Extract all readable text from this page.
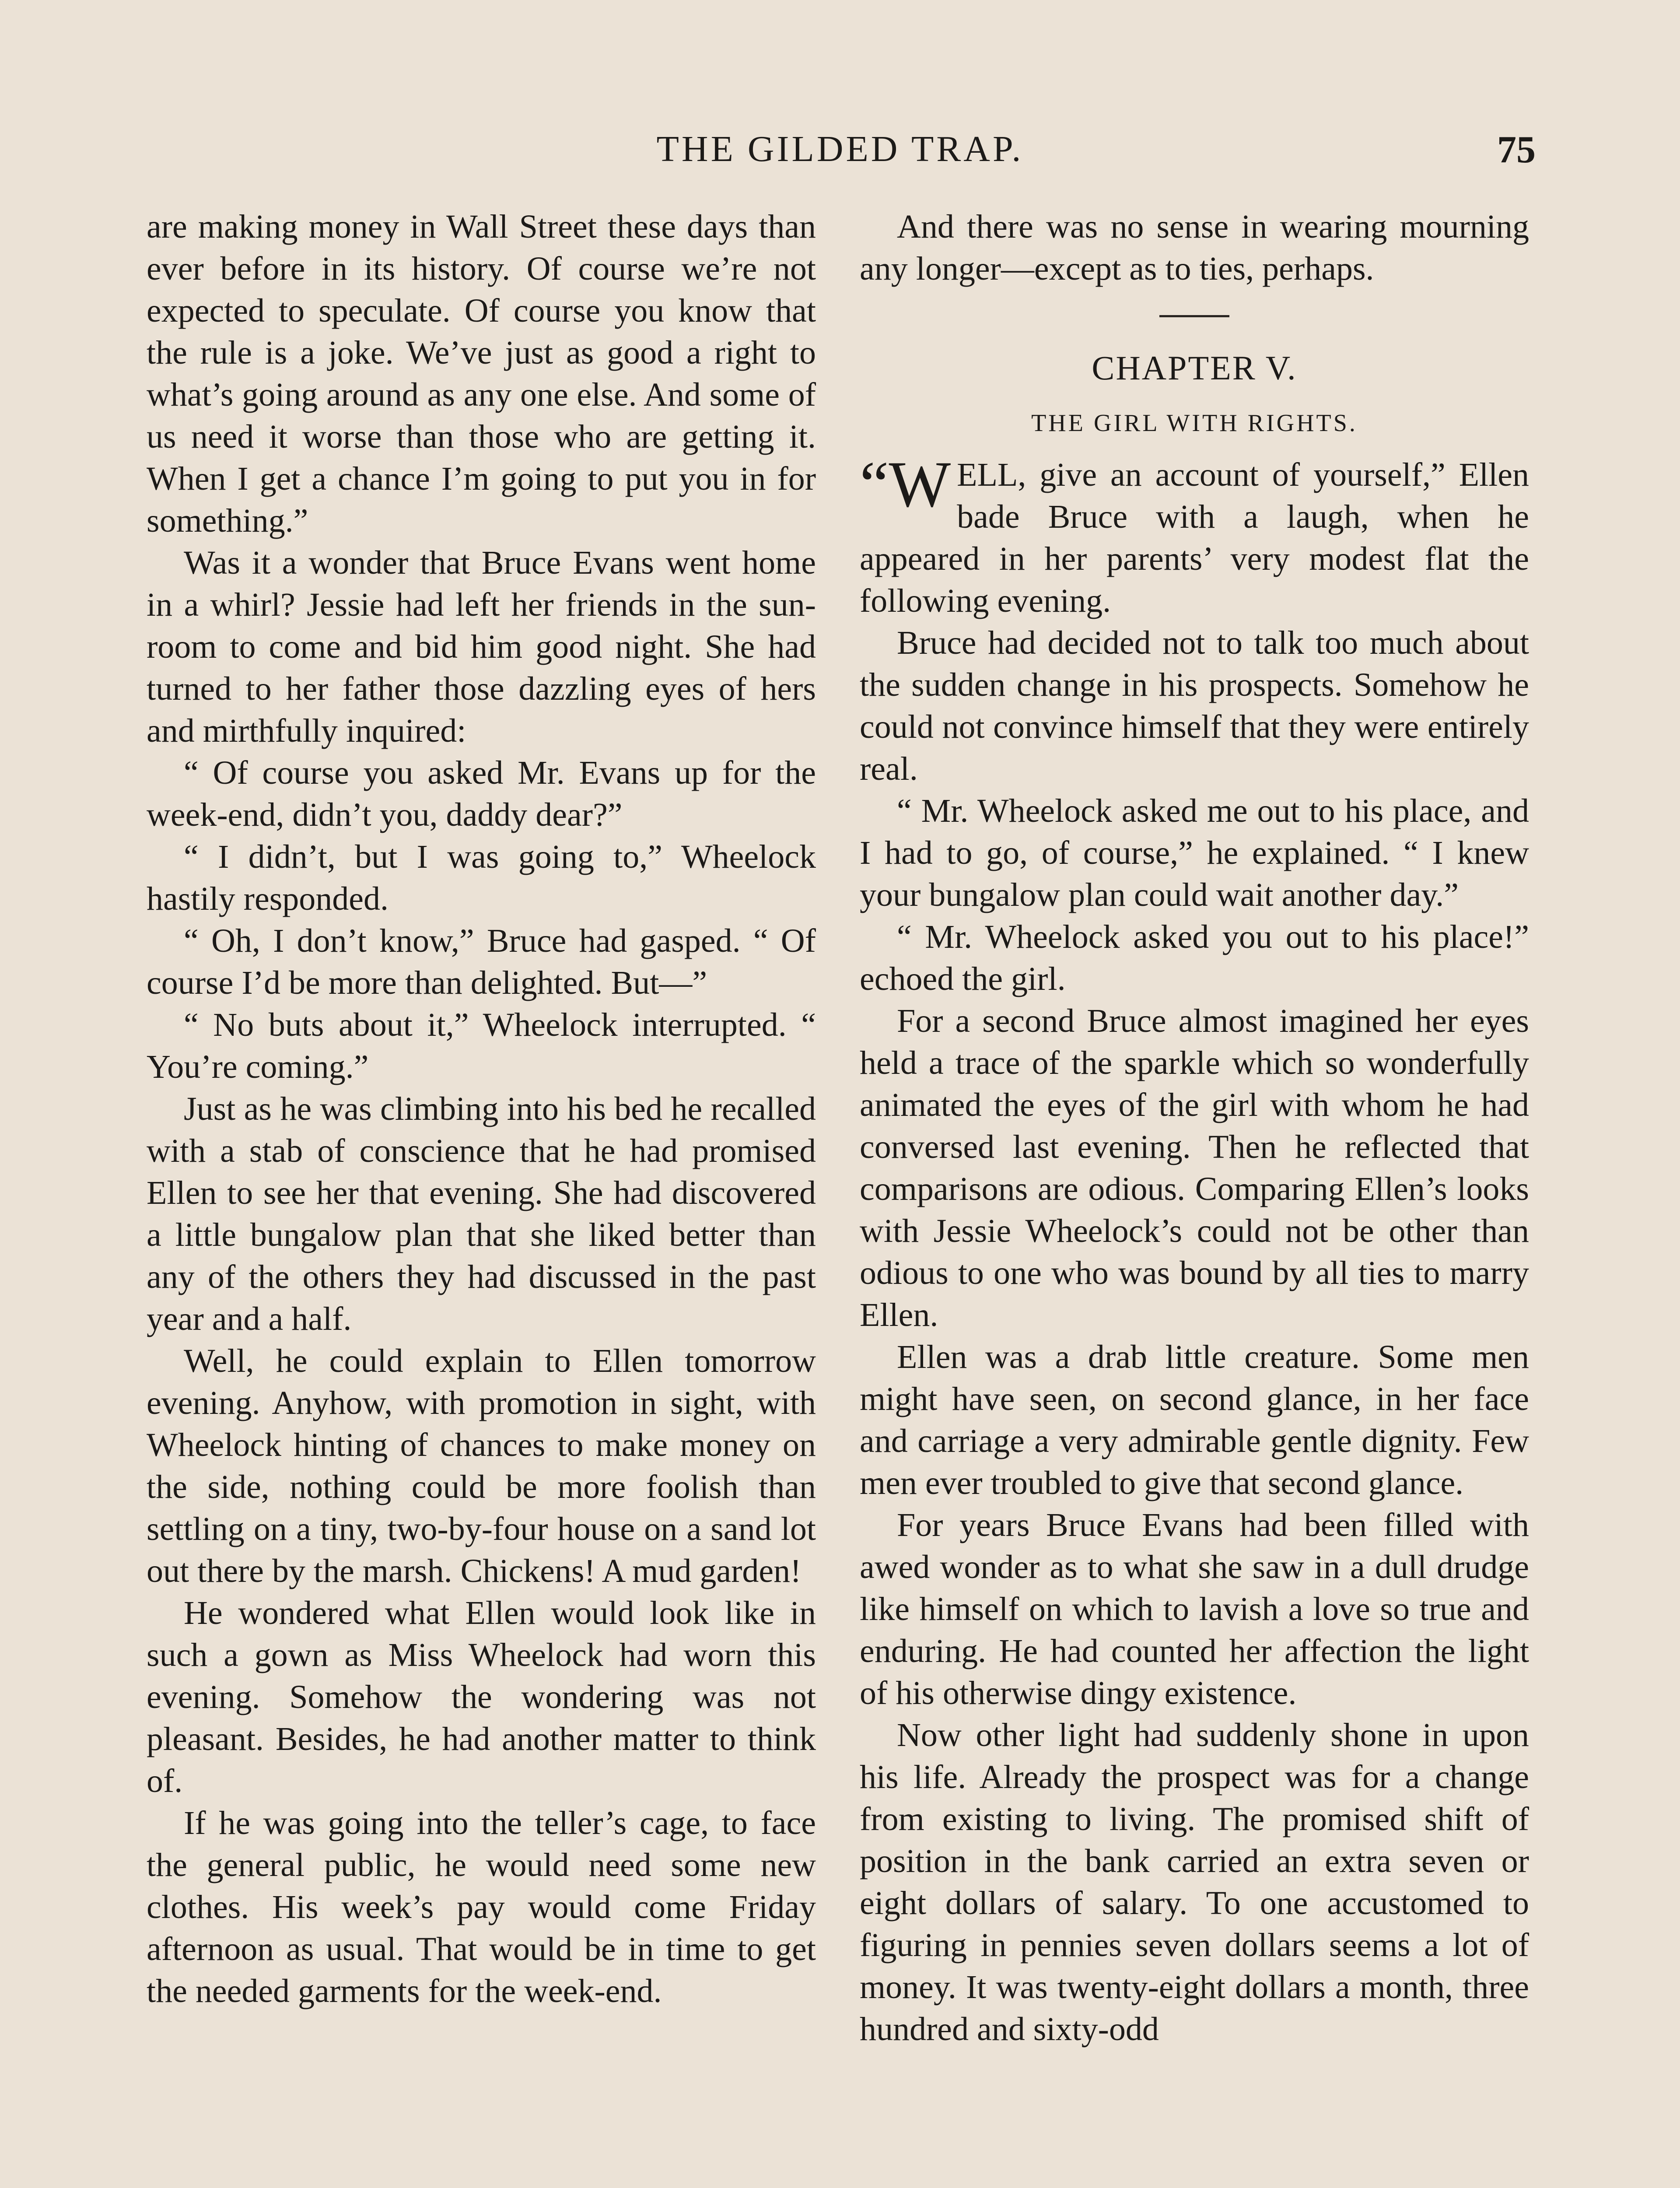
THE GILDED TRAP.	75

are making money in Wall Street these days than ever before in its history. Of course we’re not expected to speculate. Of course you know that the rule is a joke. We’ve just as good a right to what’s going around as any one else. And some of us need it worse than those who are getting it. When I get a chance I’m going to put you in for something.”

Was it a wonder that Bruce Evans went home in a whirl? Jessie had left her friends in the sun-room to come and bid him good night. She had turned to her father those dazzling eyes of hers and mirthfully inquired:

“ Of course you asked Mr. Evans up for the week-end, didn’t you, daddy dear?”

“ I didn’t, but I was going to,” Wheelock hastily responded.

“ Oh, I don’t know,” Bruce had gasped. “ Of course I’d be more than delighted. But—”

“ No buts about it,” Wheelock interrupted. “ You’re coming.”

Just as he was climbing into his bed he recalled with a stab of conscience that he had promised Ellen to see her that evening. She had discovered a little bungalow plan that she liked better than any of the others they had discussed in the past year and a half.

Well, he could explain to Ellen tomorrow evening. Anyhow, with promotion in sight, with Wheelock hinting of chances to make money on the side, nothing could be more foolish than settling on a tiny, two-by-four house on a sand lot out there by the marsh. Chickens! A mud garden!

He wondered what Ellen would look like in such a gown as Miss Wheelock had worn this evening. Somehow the wondering was not pleasant. Besides, he had another matter to think of.

If he was going into the teller’s cage, to face the general public, he would need some new clothes. His week’s pay would come Friday afternoon as usual. That would be in time to get the needed garments for the week-end.

And there was no sense in wearing mourning any longer—except as to ties, perhaps.

CHAPTER V.
THE GIRL WITH RIGHTS.

“W ELL, give an account of yourself,” Ellen bade Bruce with a laugh, when he appeared in her parents’ very modest flat the following evening.

Bruce had decided not to talk too much about the sudden change in his prospects. Somehow he could not convince himself that they were entirely real.

“ Mr. Wheelock asked me out to his place, and I had to go, of course,” he explained. “ I knew your bungalow plan could wait another day.”

“ Mr. Wheelock asked you out to his place!” echoed the girl.

For a second Bruce almost imagined her eyes held a trace of the sparkle which so wonderfully animated the eyes of the girl with whom he had conversed last evening. Then he reflected that comparisons are odious. Comparing Ellen’s looks with Jessie Wheelock’s could not be other than odious to one who was bound by all ties to marry Ellen.

Ellen was a drab little creature. Some men might have seen, on second glance, in her face and carriage a very admirable gentle dignity. Few men ever troubled to give that second glance.

For years Bruce Evans had been filled with awed wonder as to what she saw in a dull drudge like himself on which to lavish a love so true and enduring. He had counted her affection the light of his otherwise dingy existence.

Now other light had suddenly shone in upon his life. Already the prospect was for a change from existing to living. The promised shift of position in the bank carried an extra seven or eight dollars of salary. To one accustomed to figuring in pennies seven dollars seems a lot of money. It was twenty-eight dollars a month, three hundred and sixty-odd
